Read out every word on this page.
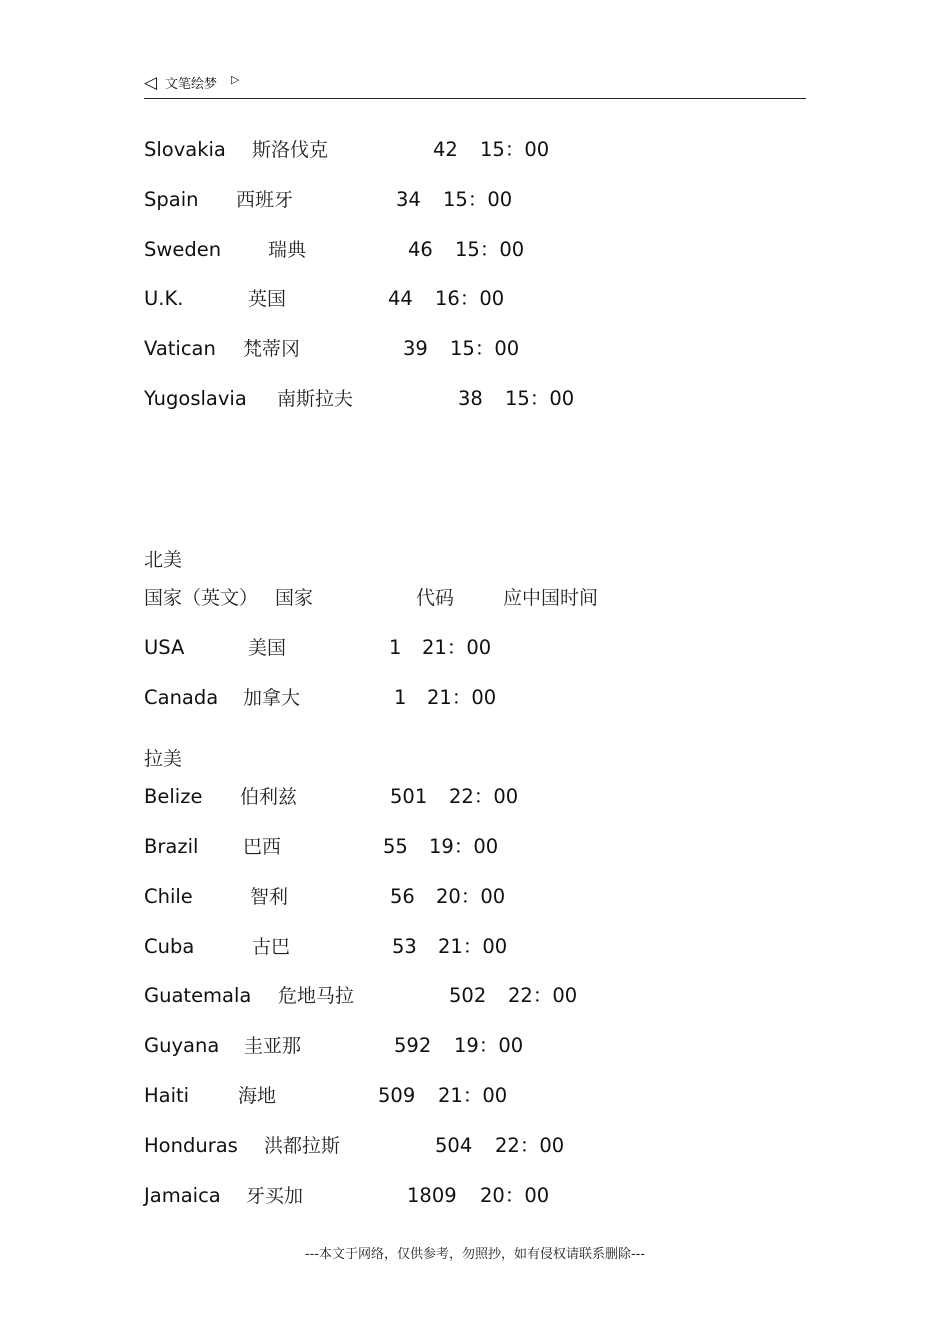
◁ 文笔绘梦 ▷
Slovakia 斯洛伐克	42 15：00
Spain 西班牙	34 15：00
Sweden 瑞典	46 15：00
U.K.	英国	44 16：00
Vatican 梵蒂冈	39 15：00
Yugoslavia 南斯拉夫	38 15：00
北美
国家（英文） 国家	代码	应中国时间
USA	美国	1 21：00
Canada 加拿大	1 21：00
拉美
Belize 伯利兹	501 22：00
Brazil 巴西	55 19：00
Chile	智利	56 20：00
Cuba	古巴	53 21：00
Guatemala 危地马拉	502 22：00
Guyana 圭亚那	592 19：00
Haiti	海地	509 21：00
Honduras 洪都拉斯	504 22：00
Jamaica 牙买加	1809 20：00
---本文于网络，仅供参考，勿照抄，如有侵权请联系删除---
